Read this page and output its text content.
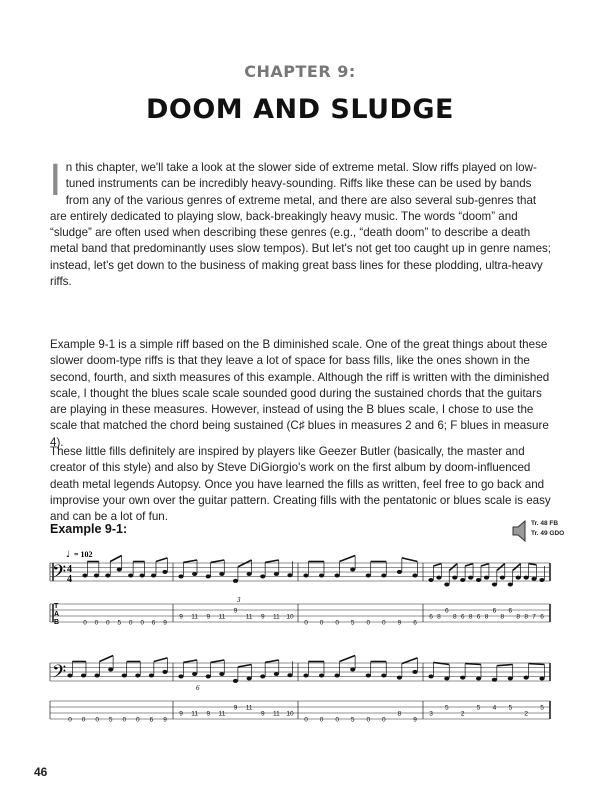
CHAPTER 9:
DOOM AND SLUDGE

In this chapter, we'll take a look at the slower side of extreme metal. Slow riffs played on low-tuned instruments can be incredibly heavy-sounding. Riffs like these can be used by bands from any of the various genres of extreme metal, and there are also several sub-genres that are entirely dedicated to playing slow, back-breakingly heavy music. The words “doom” and “sludge” are often used when describing these genres (e.g., “death doom” to describe a death metal band that predominantly uses slow tempos). But let's not get too caught up in genre names; instead, let's get down to the business of making great bass lines for these plodding, ultra-heavy riffs.

Example 9-1 is a simple riff based on the B diminished scale. One of the great things about these slower doom-type riffs is that they leave a lot of space for bass fills, like the ones shown in the second, fourth, and sixth measures of this example. Although the riff is written with the diminished scale, I thought the blues scale scale sounded good during the sustained chords that the guitars are playing in these measures. However, instead of using the B blues scale, I chose to use the scale that matched the chord being sustained (C♯ blues in measures 2 and 6; F blues in measure 4).

These little fills definitely are inspired by players like Geezer Butler (basically, the master and creator of this style) and also by Steve DiGiorgio's work on the first album by doom-influenced death metal legends Autopsy. Once you have learned the fills as written, feel free to go back and improvise your own over the guitar pattern. Creating fills with the pentatonic or blues scale is easy and can be a lot of fun.

Example 9-1:	Tr. 48 FB
Tr. 49 GDO
♩ = 102
𝄢 4
4
T
A
B
3
𝄢
6
0 0 0 5 0 0 6 9
9 11 9 11
9
11 9 11 10
0 0 0 5 0 0 9 6
6 8
6
8 6 8 6 8
6
8
6
8 8 7 6
0 0 0 5 0 0 6 9
9 11 9 11
9 11
9 11 10
0 0 0 5 0 0
8
9
3
5
2
5 4 5
2
5
46
